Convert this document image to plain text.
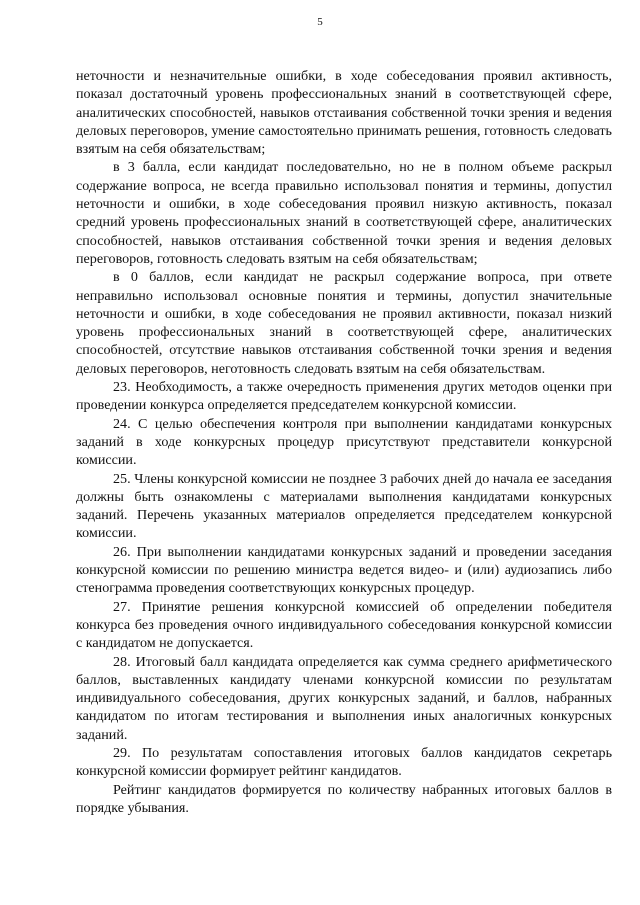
5

неточности и незначительные ошибки, в ходе собеседования проявил активность, показал достаточный уровень профессиональных знаний в соответствующей сфере, аналитических способностей, навыков отстаивания собственной точки зрения и ведения деловых переговоров, умение самостоятельно принимать решения, готовность следовать взятым на себя обязательствам;

в 3 балла, если кандидат последовательно, но не в полном объеме раскрыл содержание вопроса, не всегда правильно использовал понятия и термины, допустил неточности и ошибки, в ходе собеседования проявил низкую активность, показал средний уровень профессиональных знаний в соответствующей сфере, аналитических способностей, навыков отстаивания собственной точки зрения и ведения деловых переговоров, готовность следовать взятым на себя обязательствам;

в 0 баллов, если кандидат не раскрыл содержание вопроса, при ответе неправильно использовал основные понятия и термины, допустил значительные неточности и ошибки, в ходе собеседования не проявил активности, показал низкий уровень профессиональных знаний в соответствующей сфере, аналитических способностей, отсутствие навыков отстаивания собственной точки зрения и ведения деловых переговоров, неготовность следовать взятым на себя обязательствам.

23. Необходимость, а также очередность применения других методов оценки при проведении конкурса определяется председателем конкурсной комиссии.

24. С целью обеспечения контроля при выполнении кандидатами конкурсных заданий в ходе конкурсных процедур присутствуют представители конкурсной комиссии.

25. Члены конкурсной комиссии не позднее 3 рабочих дней до начала ее заседания должны быть ознакомлены с материалами выполнения кандидатами конкурсных заданий. Перечень указанных материалов определяется председателем конкурсной комиссии.

26. При выполнении кандидатами конкурсных заданий и проведении заседания конкурсной комиссии по решению министра ведется видео- и (или) аудиозапись либо стенограмма проведения соответствующих конкурсных процедур.

27. Принятие решения конкурсной комиссией об определении победителя конкурса без проведения очного индивидуального собеседования конкурсной комиссии с кандидатом не допускается.

28. Итоговый балл кандидата определяется как сумма среднего арифметического баллов, выставленных кандидату членами конкурсной комиссии по результатам индивидуального собеседования, других конкурсных заданий, и баллов, набранных кандидатом по итогам тестирования и выполнения иных аналогичных конкурсных заданий.

29. По результатам сопоставления итоговых баллов кандидатов секретарь конкурсной комиссии формирует рейтинг кандидатов.

Рейтинг кандидатов формируется по количеству набранных итоговых баллов в порядке убывания.
